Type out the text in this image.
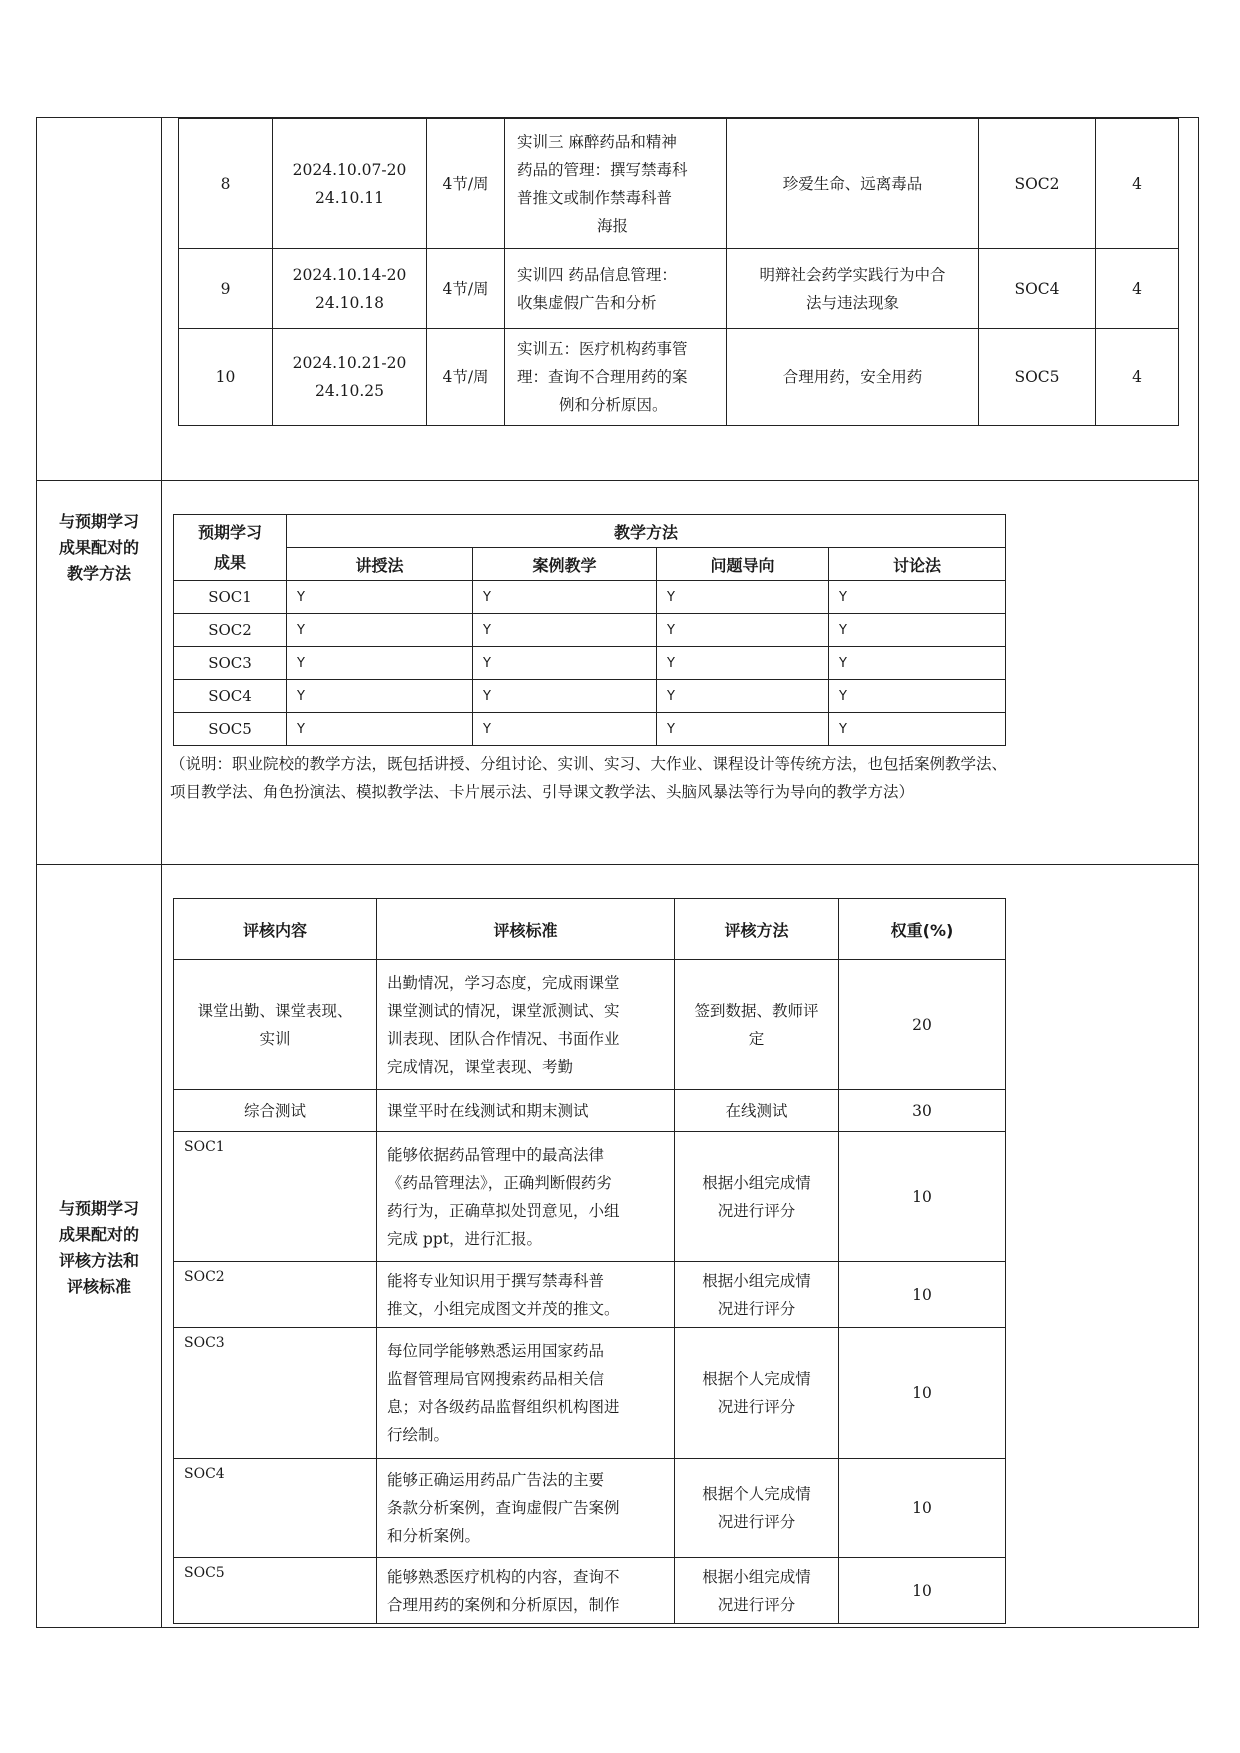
8	2024.10.07-20
24.10.11	4节/周	实训三 麻醉药品和精神
药品的管理：撰写禁毒科
普推文或制作禁毒科普
海报	珍爱生命、远离毒品	SOC2	4
9	2024.10.14-20
24.10.18	4节/周	实训四 药品信息管理：
收集虚假广告和分析	明辩社会药学实践行为中合
法与违法现象	SOC4	4
10	2024.10.21-20
24.10.25	4节/周	实训五：医疗机构药事管
理：查询不合理用药的案
例和分析原因。	合理用药，安全用药	SOC5	4
与预期学习
成果配对的
教学方法
预期学习
成果	教学方法			
	讲授法	案例教学	问题导向	讨论法
SOC1	Y	Y	Y	Y
SOC2	Y	Y	Y	Y
SOC3	Y	Y	Y	Y
SOC4	Y	Y	Y	Y
SOC5	Y	Y	Y	Y
（说明：职业院校的教学方法，既包括讲授、分组讨论、实训、实习、大作业、课程设计等传统方法，也包括案例教学法、
项目教学法、角色扮演法、模拟教学法、卡片展示法、引导课文教学法、头脑风暴法等行为导向的教学方法）
与预期学习
成果配对的
评核方法和
评核标准
评核内容	评核标准	评核方法	权重(%)
课堂出勤、课堂表现、
实训	出勤情况，学习态度，完成雨课堂
课堂测试的情况，课堂派测试、实
训表现、团队合作情况、书面作业
完成情况，课堂表现、考勤	签到数据、教师评
定	20
综合测试	课堂平时在线测试和期末测试	在线测试	30
SOC1	能够依据药品管理中的最高法律
《药品管理法》，正确判断假药劣
药行为，正确草拟处罚意见，小组
完成 ppt，进行汇报。	根据小组完成情
况进行评分	10
SOC2	能将专业知识用于撰写禁毒科普
推文，小组完成图文并茂的推文。	根据小组完成情
况进行评分	10
SOC3	每位同学能够熟悉运用国家药品
监督管理局官网搜索药品相关信
息；对各级药品监督组织机构图进
行绘制。	根据个人完成情
况进行评分	10
SOC4	能够正确运用药品广告法的主要
条款分析案例，查询虚假广告案例
和分析案例。	根据个人完成情
况进行评分	10
SOC5	能够熟悉医疗机构的内容，查询不
合理用药的案例和分析原因，制作	根据小组完成情
况进行评分	10
